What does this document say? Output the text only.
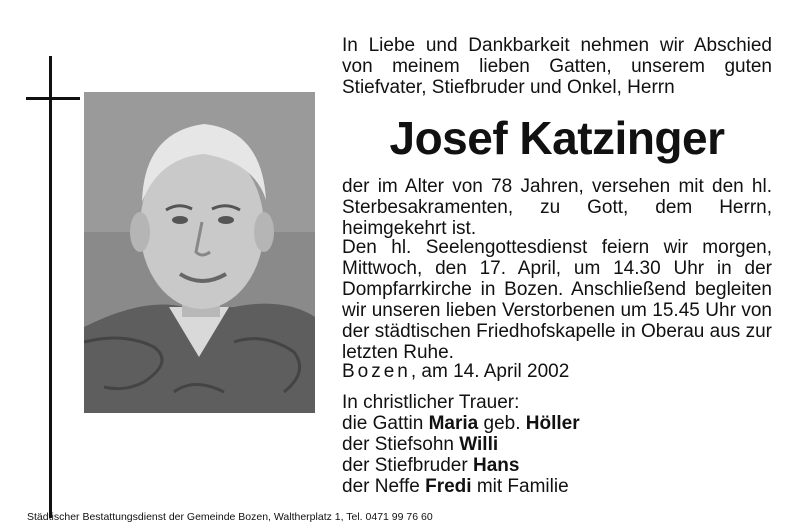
In Liebe und Dankbarkeit nehmen wir Abschied von meinem lieben Gatten, unserem guten Stiefvater, Stiefbruder und Onkel, Herrn

Josef Katzinger

der im Alter von 78 Jahren, versehen mit den hl. Sterbesakramenten, zu Gott, dem Herrn, heimgekehrt ist.

Den hl. Seelengottesdienst feiern wir morgen, Mittwoch, den 17. April, um 14.30 Uhr in der Dompfarrkirche in Bozen. Anschließend begleiten wir unseren lieben Verstorbenen um 15.45 Uhr von der städtischen Friedhofskapelle in Oberau aus zur letzten Ruhe.

Bozen, am 14. April 2002

In christlicher Trauer:
die Gattin Maria geb. Höller
der Stiefsohn Willi
der Stiefbruder Hans
der Neffe Fredi mit Familie

Städtischer Bestattungsdienst der Gemeinde Bozen, Waltherplatz 1, Tel. 0471 99 76 60
